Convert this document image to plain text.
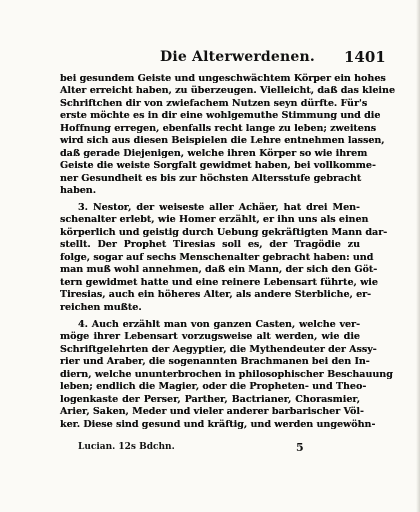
Die Alterwerdenen. 1401
bei gesundem Geiste und ungeschwächtem Körper ein hohes
Alter erreicht haben, zu überzeugen. Vielleicht, daß das kleine
Schriftchen dir von zwiefachem Nutzen seyn dürfte. Für's
erste möchte es in dir eine wohlgemuthe Stimmung und die
Hoffnung erregen, ebenfalls recht lange zu leben; zweitens
wird sich aus diesen Beispielen die Lehre entnehmen lassen,
daß gerade Diejenigen, welche ihren Körper so wie ihrem
Geiste die weiste Sorgfalt gewidmet haben, bei vollkomme-
ner Gesundheit es bis zur höchsten Altersstufe gebracht
haben.
3. Nestor, der weiseste aller Achäer, hat drei Men-
schenalter erlebt, wie Homer erzählt, er ihn uns als einen
körperlich und geistig durch Uebung gekräftigten Mann dar-
stellt. Der Prophet Tiresias soll es, der Tragödie zu
folge, sogar auf sechs Menschenalter gebracht haben: und
man muß wohl annehmen, daß ein Mann, der sich den Göt-
tern gewidmet hatte und eine reinere Lebensart führte, wie
Tiresias, auch ein höheres Alter, als andere Sterbliche, er-
reichen mußte.
4. Auch erzählt man von ganzen Casten, welche ver-
möge ihrer Lebensart vorzugsweise alt werden, wie die
Schriftgelehrten der Aegyptier, die Mythendeuter der Assy-
rier und Araber, die sogenannten Brachmanen bei den In-
diern, welche ununterbrochen in philosophischer Beschauung
leben; endlich die Magier, oder die Propheten- und Theo-
logenkaste der Perser, Parther, Bactrianer, Chorasmier,
Arier, Saken, Meder und vieler anderer barbarischer Völ-
ker. Diese sind gesund und kräftig, und werden ungewöhn-
Lucian. 12s Bdchn.	5
